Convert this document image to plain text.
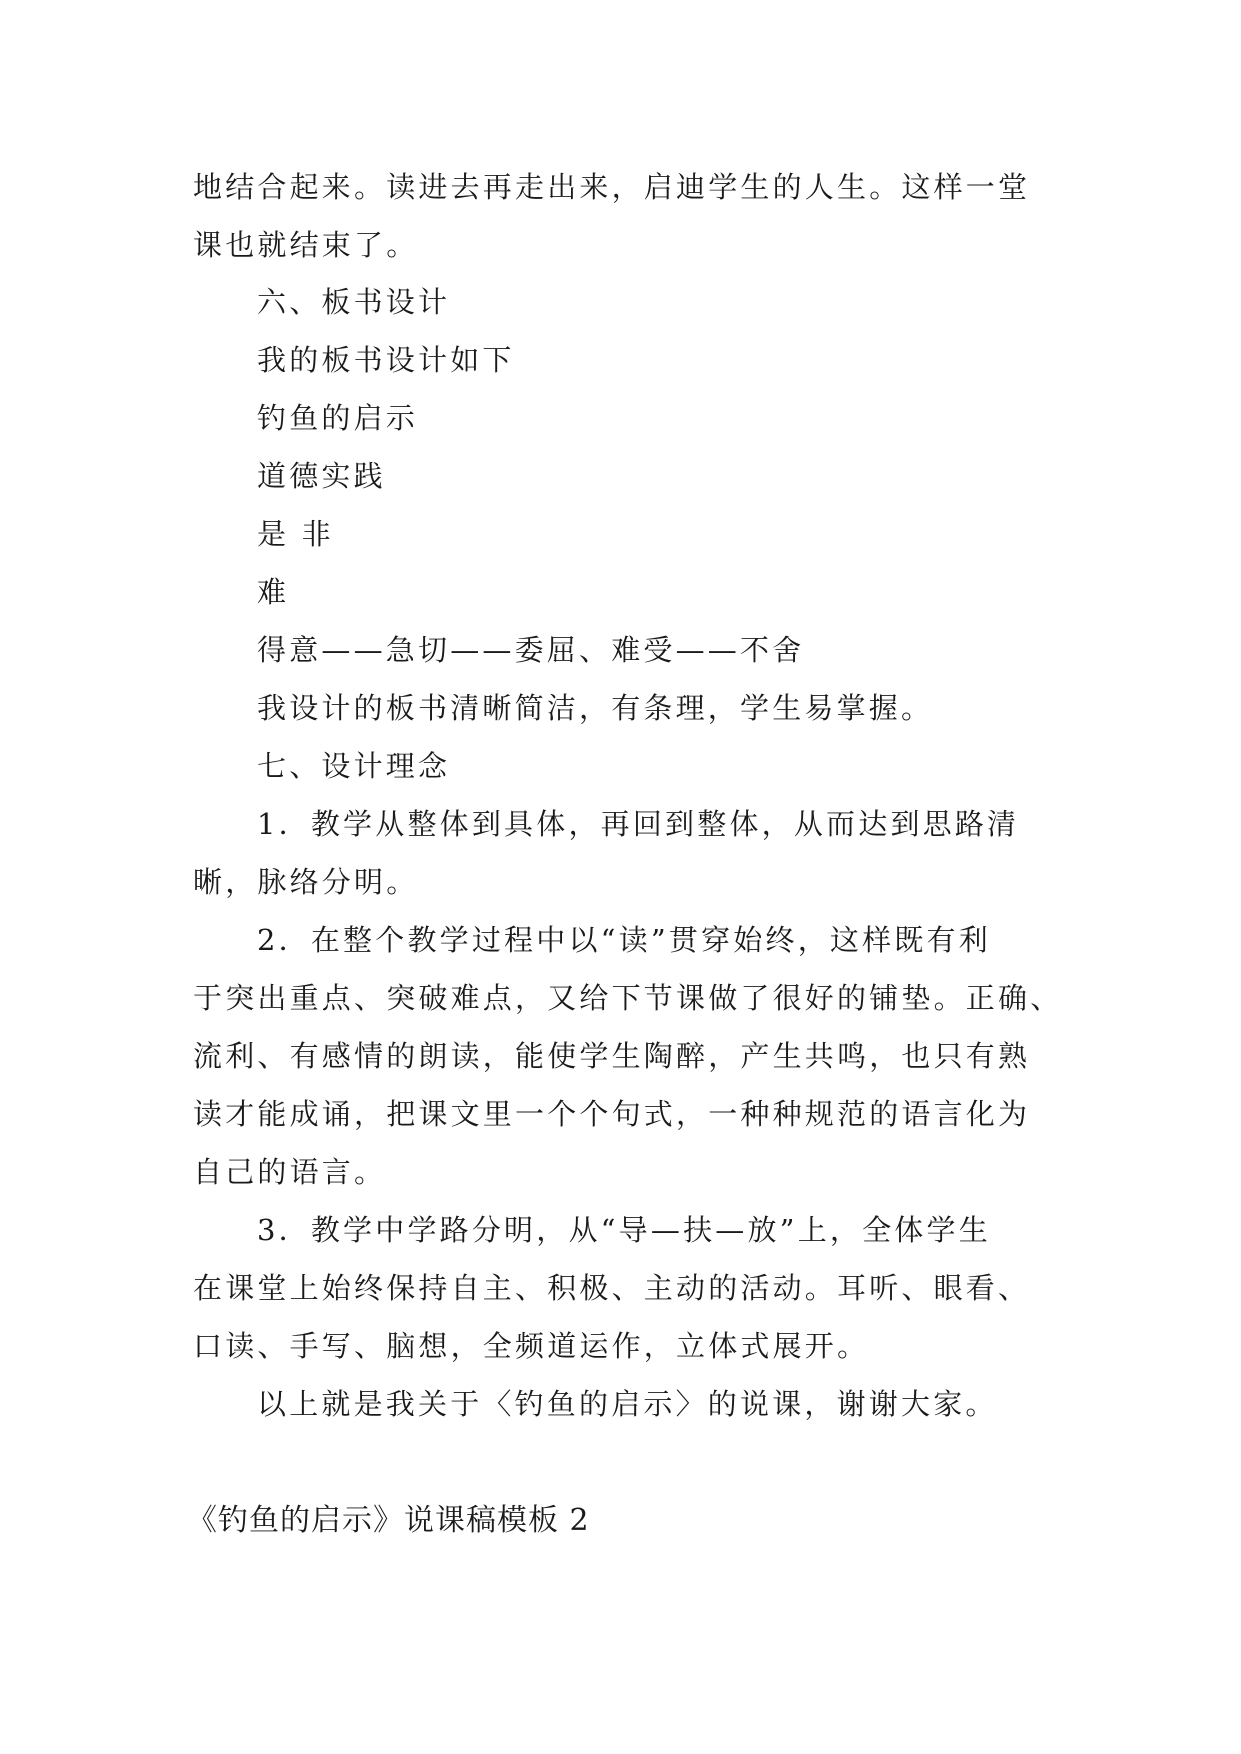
地结合起来。读进去再走出来，启迪学生的人生。这样一堂
课也就结束了。
六、板书设计
我的板书设计如下
钓鱼的启示
道德实践
是 非
难
得意——急切——委屈、难受——不舍
我设计的板书清晰简洁，有条理，学生易掌握。
七、设计理念
1．教学从整体到具体，再回到整体，从而达到思路清
晰，脉络分明。
2．在整个教学过程中以“读”贯穿始终，这样既有利
于突出重点、突破难点，又给下节课做了很好的铺垫。正确、
流利、有感情的朗读，能使学生陶醉，产生共鸣，也只有熟
读才能成诵，把课文里一个个句式，一种种规范的语言化为
自己的语言。
3．教学中学路分明，从“导—扶—放”上，全体学生
在课堂上始终保持自主、积极、主动的活动。耳听、眼看、
口读、手写、脑想，全频道运作，立体式展开。
以上就是我关于〈钓鱼的启示〉的说课，谢谢大家。
《钓鱼的启示》说课稿模板 2
